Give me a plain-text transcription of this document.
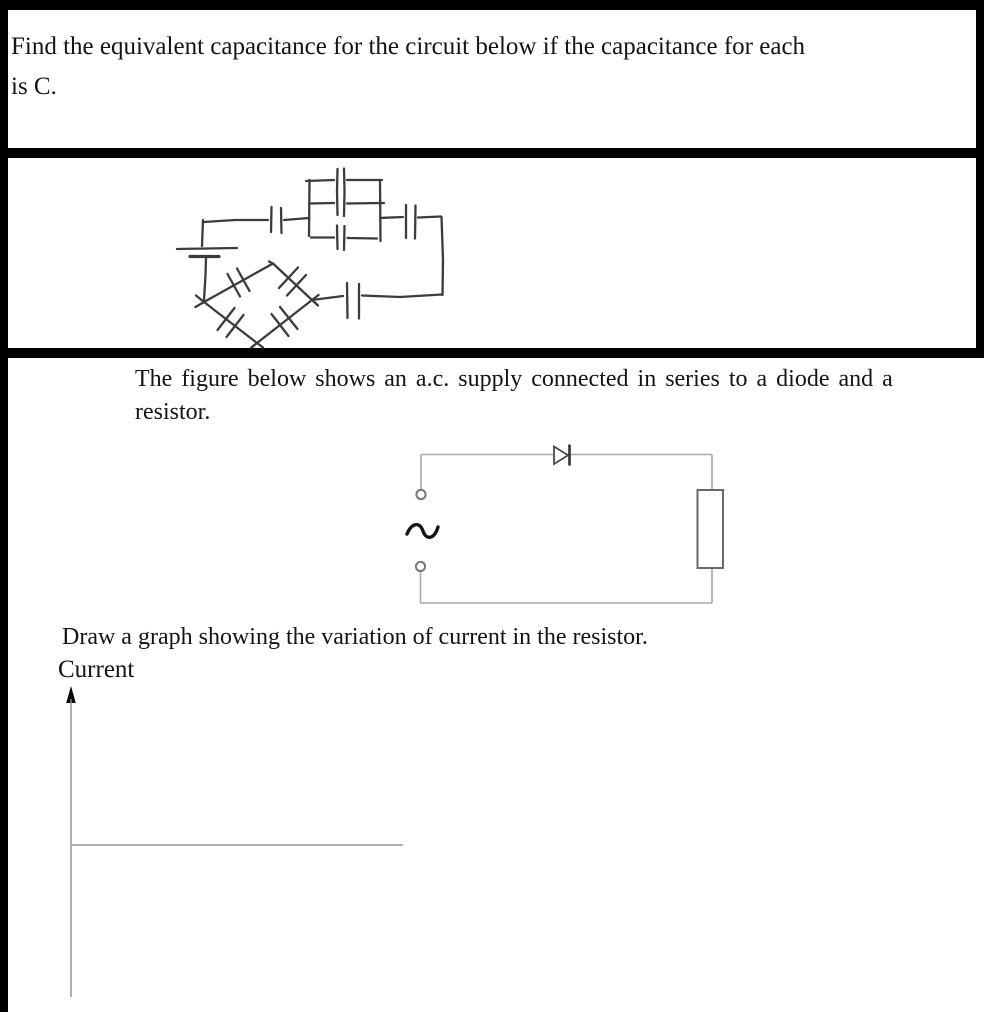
Find the equivalent capacitance for the circuit below if the capacitance for each
is C.
The figure below shows an a.c. supply connected in series to a diode and a
resistor.
Draw a graph showing the variation of current in the resistor.
Current
